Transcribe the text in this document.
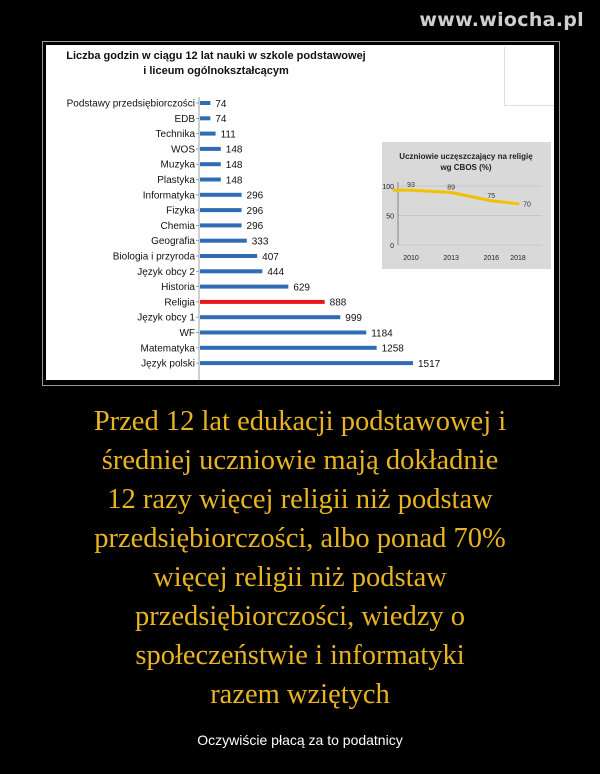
www.wiocha.pl
Liczba godzin w ciągu 12 lat nauki w szkole podstawowej
i liceum ogólnokształcącym
Podstawy przedsiębiorczości 74
EDB 74
Technika	111
WOS	148
Muzyka	148
Plastyka	148
Informatyka	296
Fizyka	296
Chemia	296
Geografia	333
Biologia i przyroda	407
Język obcy 2	444
Historia	629
Religia	888
Język obcy 1	999
WF	1184
Matematyka	1258
Język polski	1517
Uczniowie uczęszczający na religię
wg CBOS (%)
0
50
100
2010	2013	2016 2018
93	89
75
70
Przed 12 lat edukacji podstawowej i
średniej uczniowie mają dokładnie
12 razy więcej religii niż podstaw
przedsiębiorczości, albo ponad 70%
więcej religii niż podstaw
przedsiębiorczości, wiedzy o
społeczeństwie i informatyki
razem wziętych
Oczywiście płacą za to podatnicy
